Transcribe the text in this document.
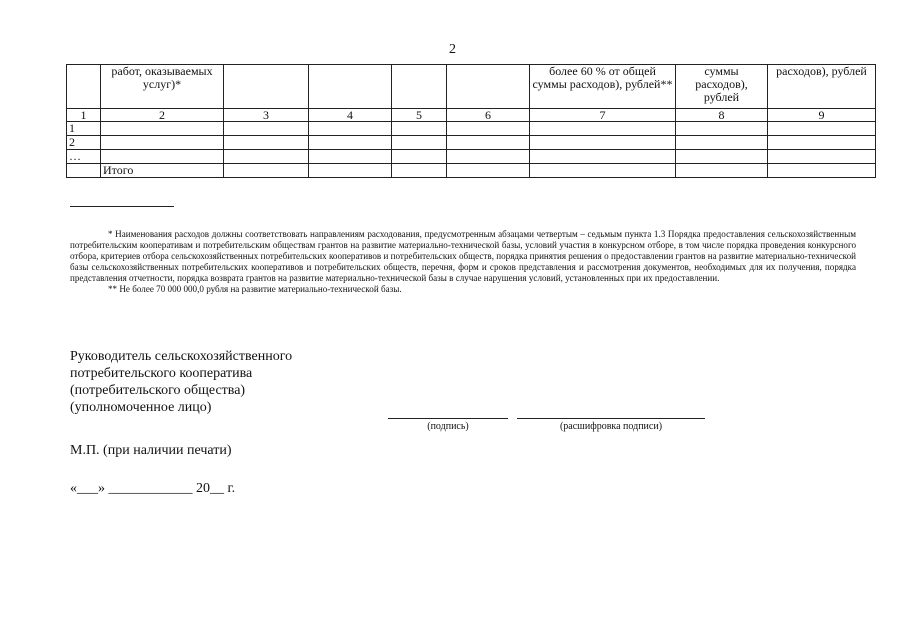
2
	работ, оказываемых услуг)*					более 60 % от общей суммы расходов), рублей**	суммы расходов), рублей	расходов), рублей
1	2	3	4	5	6	7	8	9
1								
2								
…								
	Итого							

* Наименования расходов должны соответствовать направлениям расходования, предусмотренным абзацами четвертым – седьмым пункта 1.3 Порядка предоставления сельскохозяйственным потребительским кооперативам и потребительским обществам грантов на развитие материально-технической базы, условий участия в конкурсном отборе, в том числе порядка проведения конкурсного отбора, критериев отбора сельскохозяйственных потребительских кооперативов и потребительских обществ, порядка принятия решения о предоставлении грантов на развитие материально-технической базы сельскохозяйственных потребительских кооперативов и потребительских обществ, перечня, форм и сроков представления и рассмотрения документов, необходимых для их получения, порядка представления отчетности, порядка возврата грантов на развитие материально-технической базы в случае нарушения условий, установленных при их предоставлении.

** Не более 70 000 000,0 рубля на развитие материально-технической базы.

Руководитель сельскохозяйственного
потребительского кооператива
(потребительского общества)
(уполномоченное лицо)
(подпись)	(расшифровка подписи)
М.П. (при наличии печати)
«___» ____________ 20__ г.
